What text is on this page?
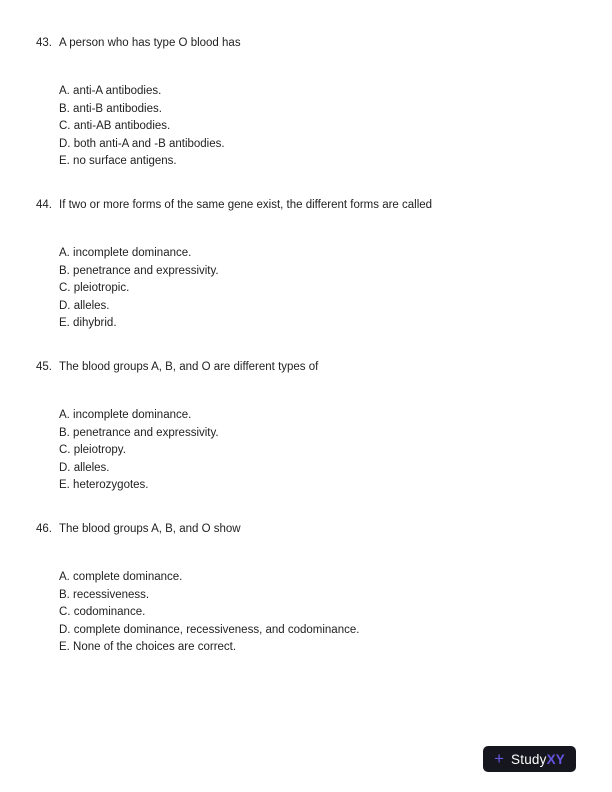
43. A person who has type O blood has
A. anti-A antibodies.
B. anti-B antibodies.
C. anti-AB antibodies.
D. both anti-A and -B antibodies.
E. no surface antigens.
44. If two or more forms of the same gene exist, the different forms are called
A. incomplete dominance.
B. penetrance and expressivity.
C. pleiotropic.
D. alleles.
E. dihybrid.
45. The blood groups A, B, and O are different types of
A. incomplete dominance.
B. penetrance and expressivity.
C. pleiotropy.
D. alleles.
E. heterozygotes.
46. The blood groups A, B, and O show
A. complete dominance.
B. recessiveness.
C. codominance.
D. complete dominance, recessiveness, and codominance.
E. None of the choices are correct.
+ Study XY
